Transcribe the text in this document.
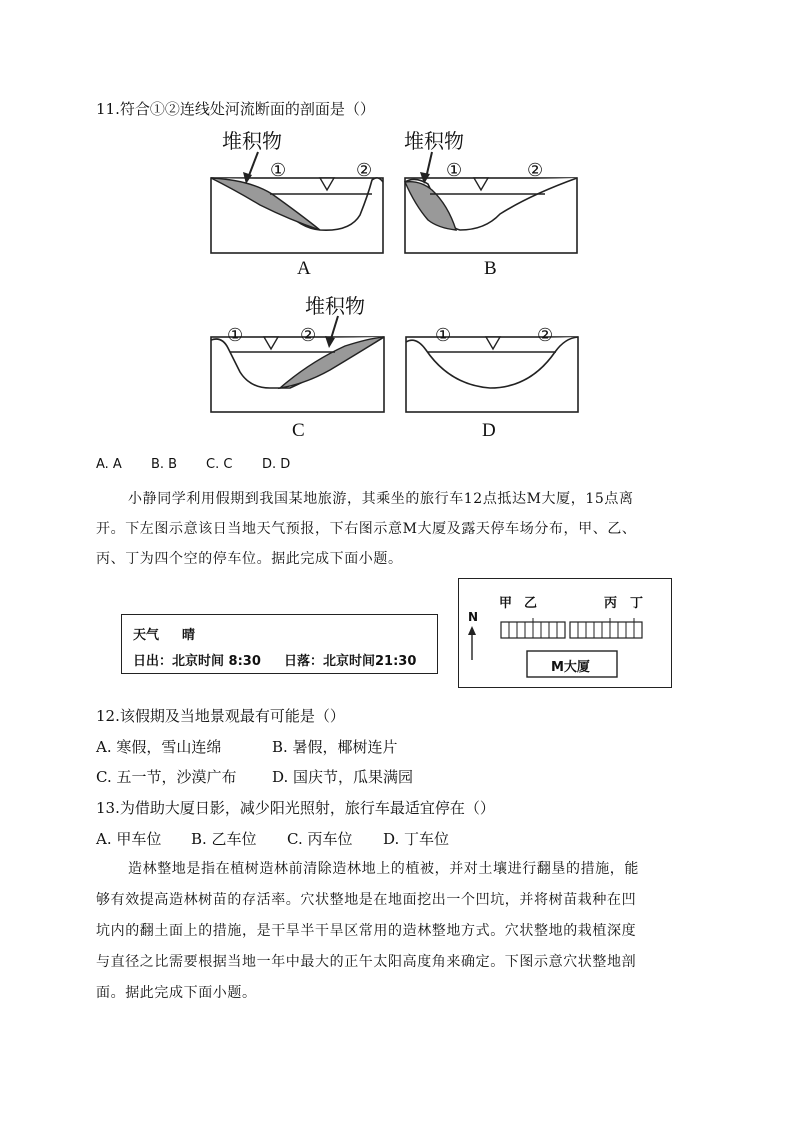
11.符合①②连线处河流断面的剖面是（）
堆积物
①	②
A
堆积物
①	②
B
堆积物
①	②
C
①	②
D
A. A B. B C. C D. D
小静同学利用假期到我国某地旅游，其乘坐的旅行车12点抵达M大厦，15点离
开。下左图示意该日当地天气预报，下右图示意M大厦及露天停车场分布，甲、乙、
丙、丁为四个空的停车位。据此完成下面小题。
天气 晴
日出：北京时间 8:30 日落：北京时间21:30
N
甲 乙	丙 丁
M大厦
12.该假期及当地景观最有可能是（）
A. 寒假，雪山连绵	B. 暑假，椰树连片
C. 五一节，沙漠广布 D. 国庆节，瓜果满园
13.为借助大厦日影，减少阳光照射，旅行车最适宜停在（）
A. 甲车位 B. 乙车位 C. 丙车位 D. 丁车位
造林整地是指在植树造林前清除造林地上的植被，并对土壤进行翻垦的措施，能
够有效提高造林树苗的存活率。穴状整地是在地面挖出一个凹坑，并将树苗栽种在凹
坑内的翻土面上的措施，是干旱半干旱区常用的造林整地方式。穴状整地的栽植深度
与直径之比需要根据当地一年中最大的正午太阳高度角来确定。下图示意穴状整地剖
面。据此完成下面小题。
